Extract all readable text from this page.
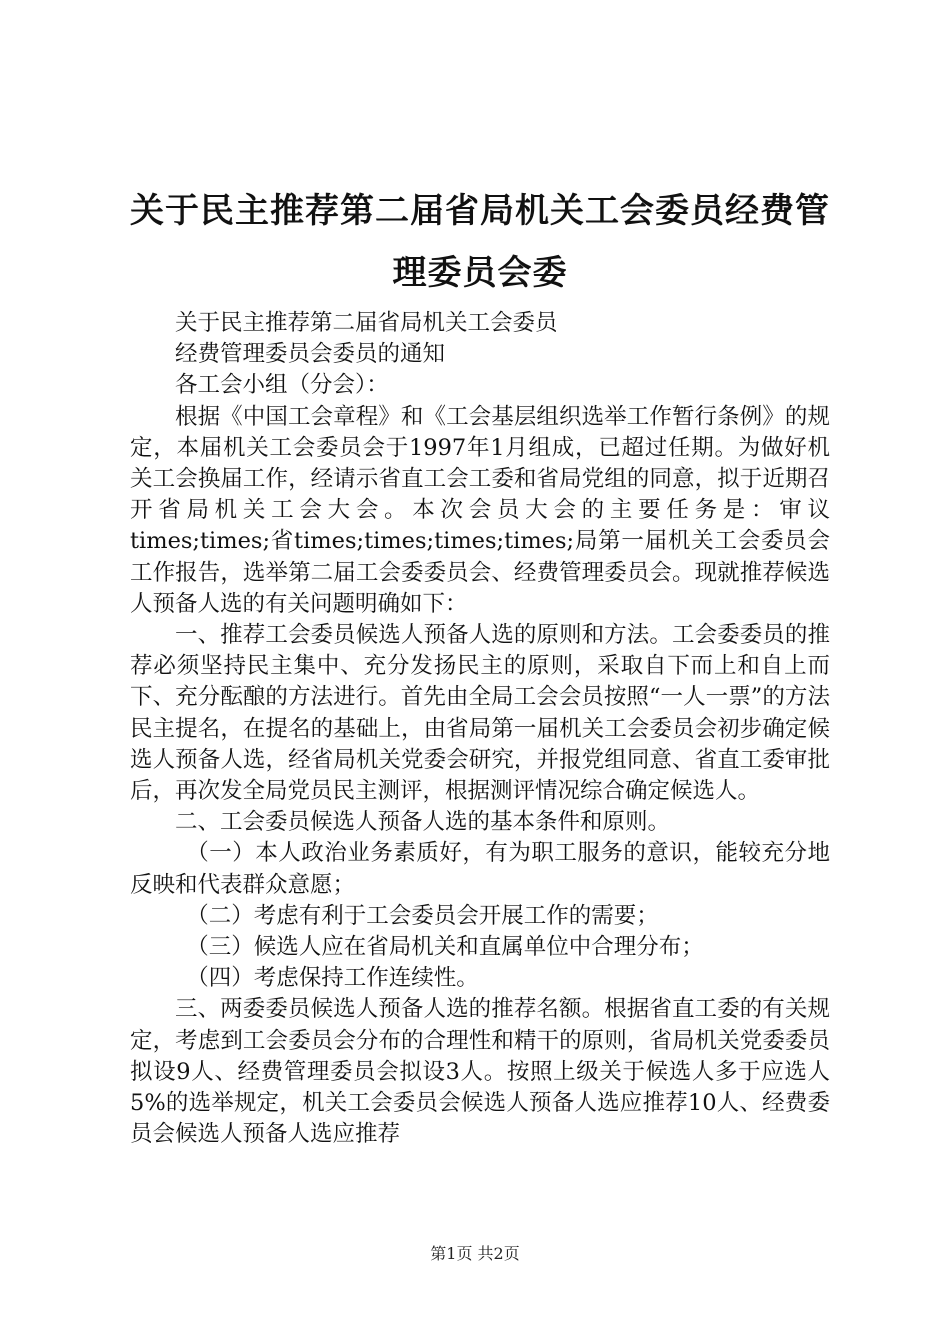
关于民主推荐第二届省局机关工会委员经费管理委员会委

关于民主推荐第二届省局机关工会委员

经费管理委员会委员的通知

各工会小组（分会）：

根据《中国工会章程》和《工会基层组织选举工作暂行条例》的规定，本届机关工会委员会于1997年1月组成，已超过任期。为做好机关工会换届工作，经请示省直工会工委和省局党组的同意，拟于近期召开省局机关工会大会。本次会员大会的主要任务是：审议times;times;省times;times;times;times;局第一届机关工会委员会工作报告，选举第二届工会委委员会、经费管理委员会。现就推荐候选人预备人选的有关问题明确如下：

一、推荐工会委员候选人预备人选的原则和方法。工会委委员的推荐必须坚持民主集中、充分发扬民主的原则，采取自下而上和自上而下、充分酝酿的方法进行。首先由全局工会会员按照“一人一票”的方法民主提名，在提名的基础上，由省局第一届机关工会委员会初步确定候选人预备人选，经省局机关党委会研究，并报党组同意、省直工委审批后，再次发全局党员民主测评，根据测评情况综合确定候选人。

二、工会委员候选人预备人选的基本条件和原则。

（一）本人政治业务素质好，有为职工服务的意识，能较充分地反映和代表群众意愿；

（二）考虑有利于工会委员会开展工作的需要；

（三）候选人应在省局机关和直属单位中合理分布；

（四）考虑保持工作连续性。

三、两委委员候选人预备人选的推荐名额。根据省直工委的有关规定，考虑到工会委员会分布的合理性和精干的原则，省局机关党委委员拟设9人、经费管理委员会拟设3人。按照上级关于候选人多于应选人5%的选举规定，机关工会委员会候选人预备人选应推荐10人、经费委员会候选人预备人选应推荐

第1页 共2页
